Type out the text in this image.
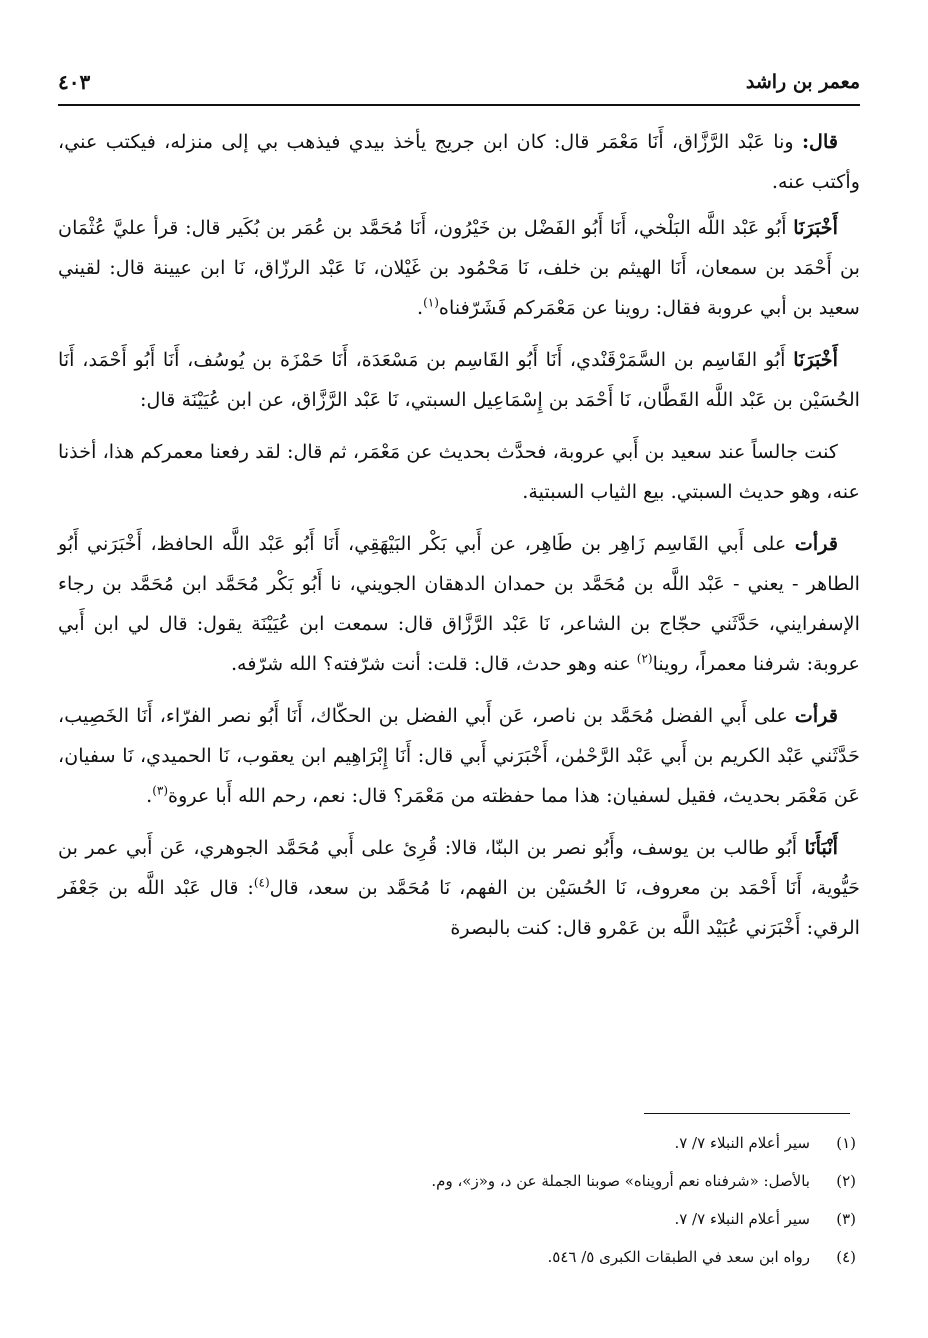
معمر بن راشد
٤٠٣

قال: ونا عَبْد الرَّزَّاق، أَنَا مَعْمَر قال: كان ابن جريج يأخذ بيدي فيذهب بي إلى منزله، فيكتب عني، وأكتب عنه.

أَخْبَرَنَا أَبُو عَبْد اللَّه البَلْخي، أَنَا أَبُو الفَضْل بن خَيْرُون، أَنَا مُحَمَّد بن عُمَر بن بُكَير قال: قرأ عليَّ عُثْمَان بن أَحْمَد بن سمعان، أَنَا الهيثم بن خلف، نَا مَحْمُود بن غَيْلان، نَا عَبْد الرزّاق، نَا ابن عيينة قال: لقيني سعيد بن أبي عروبة فقال: روينا عن مَعْمَركم فَشَرّفناه$^{(١)}$.

أَخْبَرَنَا أَبُو القَاسِم بن السَّمَرْقَنْدي، أَنَا أَبُو القَاسِم بن مَسْعَدَة، أَنَا حَمْزَة بن يُوسُف، أَنَا أَبُو أَحْمَد، أَنَا الحُسَيْن بن عَبْد اللَّه القَطَّان، نَا أَحْمَد بن إِسْمَاعِيل السبتي، نَا عَبْد الرَّزَّاق، عن ابن عُيَيْنَة قال:

كنت جالساً عند سعيد بن أَبي عروبة، فحدَّث بحديث عن مَعْمَر، ثم قال: لقد رفعنا معمركم هذا، أخذنا عنه، وهو حديث السبتي. بيع الثياب السبتية.

قرأت على أَبي القَاسِم زَاهِر بن طَاهِر، عن أَبي بَكْر البَيْهَقِي، أَنَا أَبُو عَبْد اللَّه الحافظ، أَخْبَرَني أَبُو الطاهر - يعني - عَبْد اللَّه بن مُحَمَّد بن حمدان الدهقان الجويني، نا أَبُو بَكْر مُحَمَّد ابن مُحَمَّد بن رجاء الإسفرايني، حَدَّثَني حجّاج بن الشاعر، نَا عَبْد الرَّزَّاق قال: سمعت ابن عُيَيْنَة يقول: قال لي ابن أَبي عروبة: شرفنا معمراً، روينا$^{(٢)}$ عنه وهو حدث، قال: قلت: أنت شرّفته؟ الله شرّفه.

قرأت على أَبي الفضل مُحَمَّد بن ناصر، عَن أَبي الفضل بن الحكّاك، أَنَا أَبُو نصر الفرّاء، أَنَا الخَصِيب، حَدَّثَني عَبْد الكريم بن أَبي عَبْد الرَّحْمٰن، أَخْبَرَني أَبي قال: أَنَا إِبْرَاهِيم ابن يعقوب، نَا الحميدي، نَا سفيان، عَن مَعْمَر بحديث، فقيل لسفيان: هذا مما حفظته من مَعْمَر؟ قال: نعم، رحم الله أَبا عروة$^{(٣)}$.

أَنْبَأَنَا أَبُو طالب بن يوسف، وأَبُو نصر بن البنّا، قالا: قُرِئ على أَبي مُحَمَّد الجوهري، عَن أَبي عمر بن حَيُّوية، أَنَا أَحْمَد بن معروف، نَا الحُسَيْن بن الفهم، نَا مُحَمَّد بن سعد، قال$^{(٤)}$: قال عَبْد اللَّه بن جَعْفَر الرقي: أَخْبَرَني عُبَيْد اللَّه بن عَمْرو قال: كنت بالبصرة

(١)
سير أعلام النبلاء ٧/ ٧.
(٢)
بالأصل: «شرفناه نعم أرويناه» صوبنا الجملة عن د، و«ز»، وم.
(٣)
سير أعلام النبلاء ٧/ ٧.
(٤)
رواه ابن سعد في الطبقات الكبرى ٥/ ٥٤٦.
